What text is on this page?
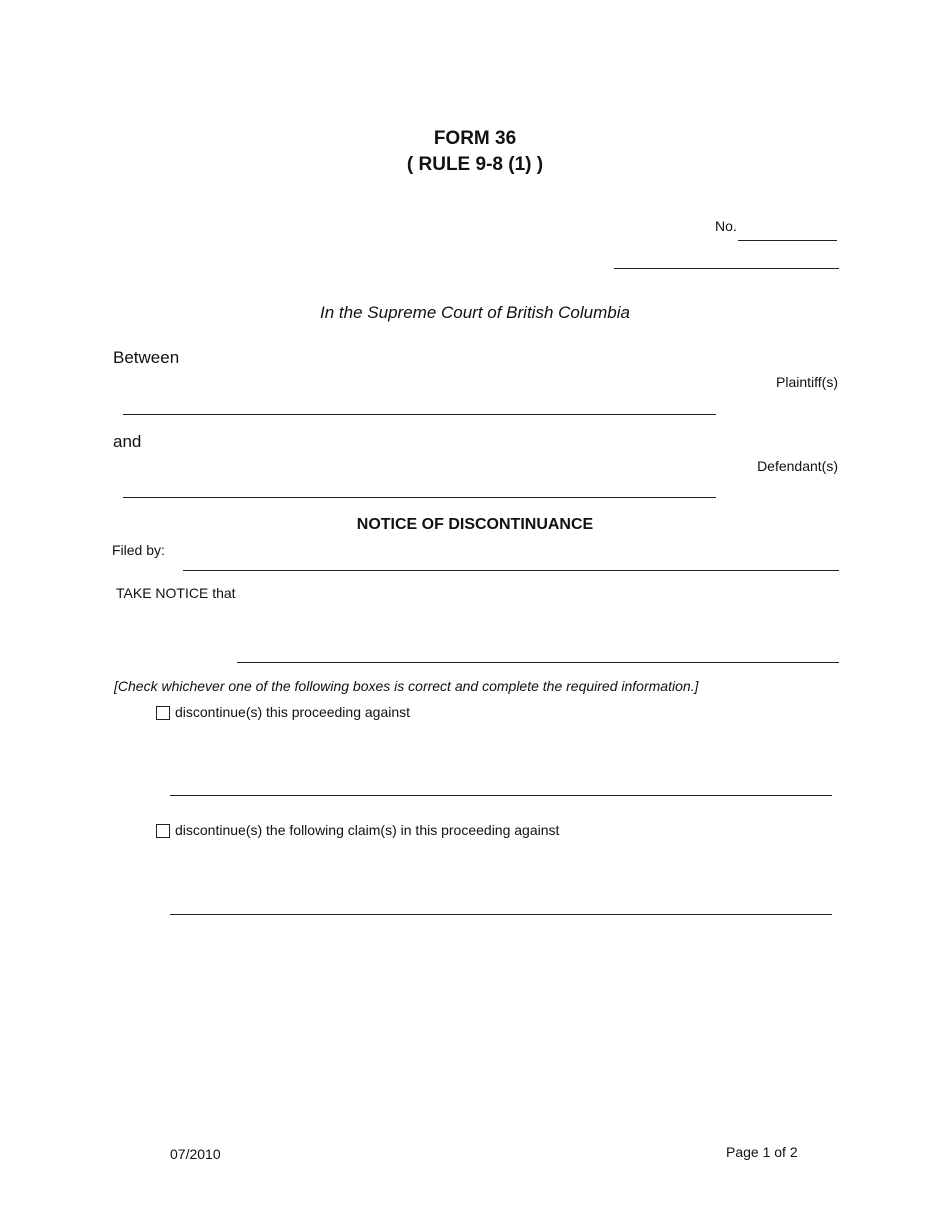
FORM 36
( RULE 9-8 (1) )
No.
In the Supreme Court of British Columbia
Between
Plaintiff(s)
and
Defendant(s)
NOTICE OF DISCONTINUANCE
Filed by:
TAKE NOTICE that
[Check whichever one of the following boxes is correct and complete the required information.]
discontinue(s) this proceeding against
discontinue(s) the following claim(s) in this proceeding against
07/2010	Page 1 of 2
